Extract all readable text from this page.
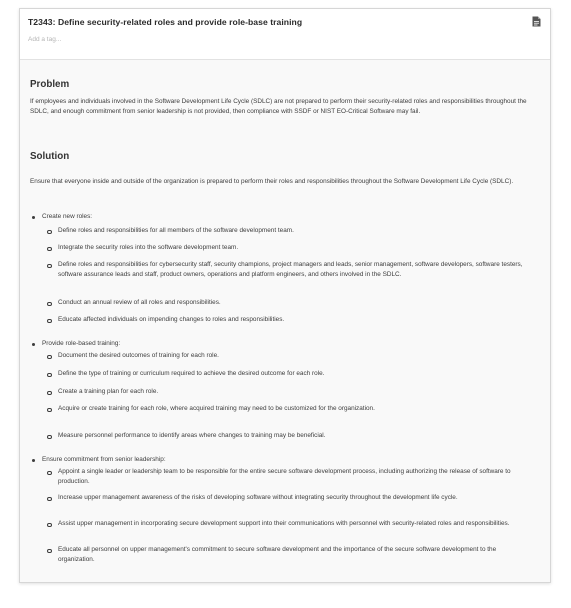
T2343: Define security-related roles and provide role-base training
Add a tag...
Problem
If employees and individuals involved in the Software Development Life Cycle (SDLC) are not prepared to perform their security-related roles and responsibilities throughout the SDLC, and enough commitment from senior leadership is not provided, then compliance with SSDF or NIST EO-Critical Software may fail.
Solution
Ensure that everyone inside and outside of the organization is prepared to perform their roles and responsibilities throughout the Software Development Life Cycle (SDLC).
Create new roles:
Define roles and responsibilities for all members of the software development team.
Integrate the security roles into the software development team.
Define roles and responsibilities for cybersecurity staff, security champions, project managers and leads, senior management, software developers, software testers, software assurance leads and staff, product owners, operations and platform engineers, and others involved in the SDLC.
Conduct an annual review of all roles and responsibilities.
Educate affected individuals on impending changes to roles and responsibilities.
Provide role-based training:
Document the desired outcomes of training for each role.
Define the type of training or curriculum required to achieve the desired outcome for each role.
Create a training plan for each role.
Acquire or create training for each role, where acquired training may need to be customized for the organization.
Measure personnel performance to identify areas where changes to training may be beneficial.
Ensure commitment from senior leadership:
Appoint a single leader or leadership team to be responsible for the entire secure software development process, including authorizing the release of software to production.
Increase upper management awareness of the risks of developing software without integrating security throughout the development life cycle.
Assist upper management in incorporating secure development support into their communications with personnel with security-related roles and responsibilities.
Educate all personnel on upper management's commitment to secure software development and the importance of the secure software development to the organization.
